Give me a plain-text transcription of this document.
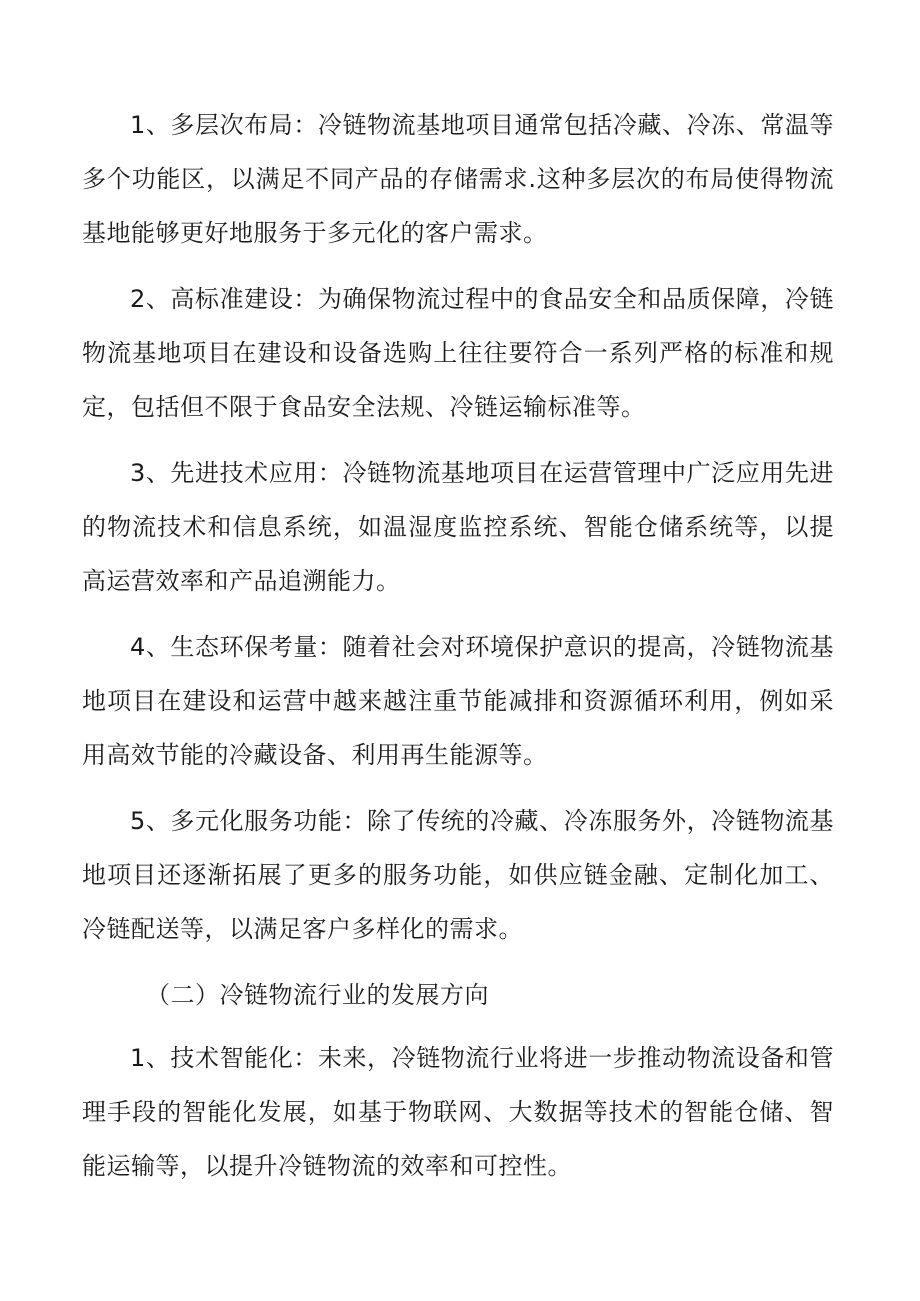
1、多层次布局：冷链物流基地项目通常包括冷藏、冷冻、常温等多个功能区，以满足不同产品的存储需求.这种多层次的布局使得物流基地能够更好地服务于多元化的客户需求。

2、高标准建设：为确保物流过程中的食品安全和品质保障，冷链物流基地项目在建设和设备选购上往往要符合一系列严格的标准和规定，包括但不限于食品安全法规、冷链运输标准等。

3、先进技术应用：冷链物流基地项目在运营管理中广泛应用先进的物流技术和信息系统，如温湿度监控系统、智能仓储系统等，以提高运营效率和产品追溯能力。

4、生态环保考量：随着社会对环境保护意识的提高，冷链物流基地项目在建设和运营中越来越注重节能减排和资源循环利用，例如采用高效节能的冷藏设备、利用再生能源等。

5、多元化服务功能：除了传统的冷藏、冷冻服务外，冷链物流基地项目还逐渐拓展了更多的服务功能，如供应链金融、定制化加工、冷链配送等，以满足客户多样化的需求。

（二）冷链物流行业的发展方向

1、技术智能化：未来，冷链物流行业将进一步推动物流设备和管理手段的智能化发展，如基于物联网、大数据等技术的智能仓储、智能运输等，以提升冷链物流的效率和可控性。
